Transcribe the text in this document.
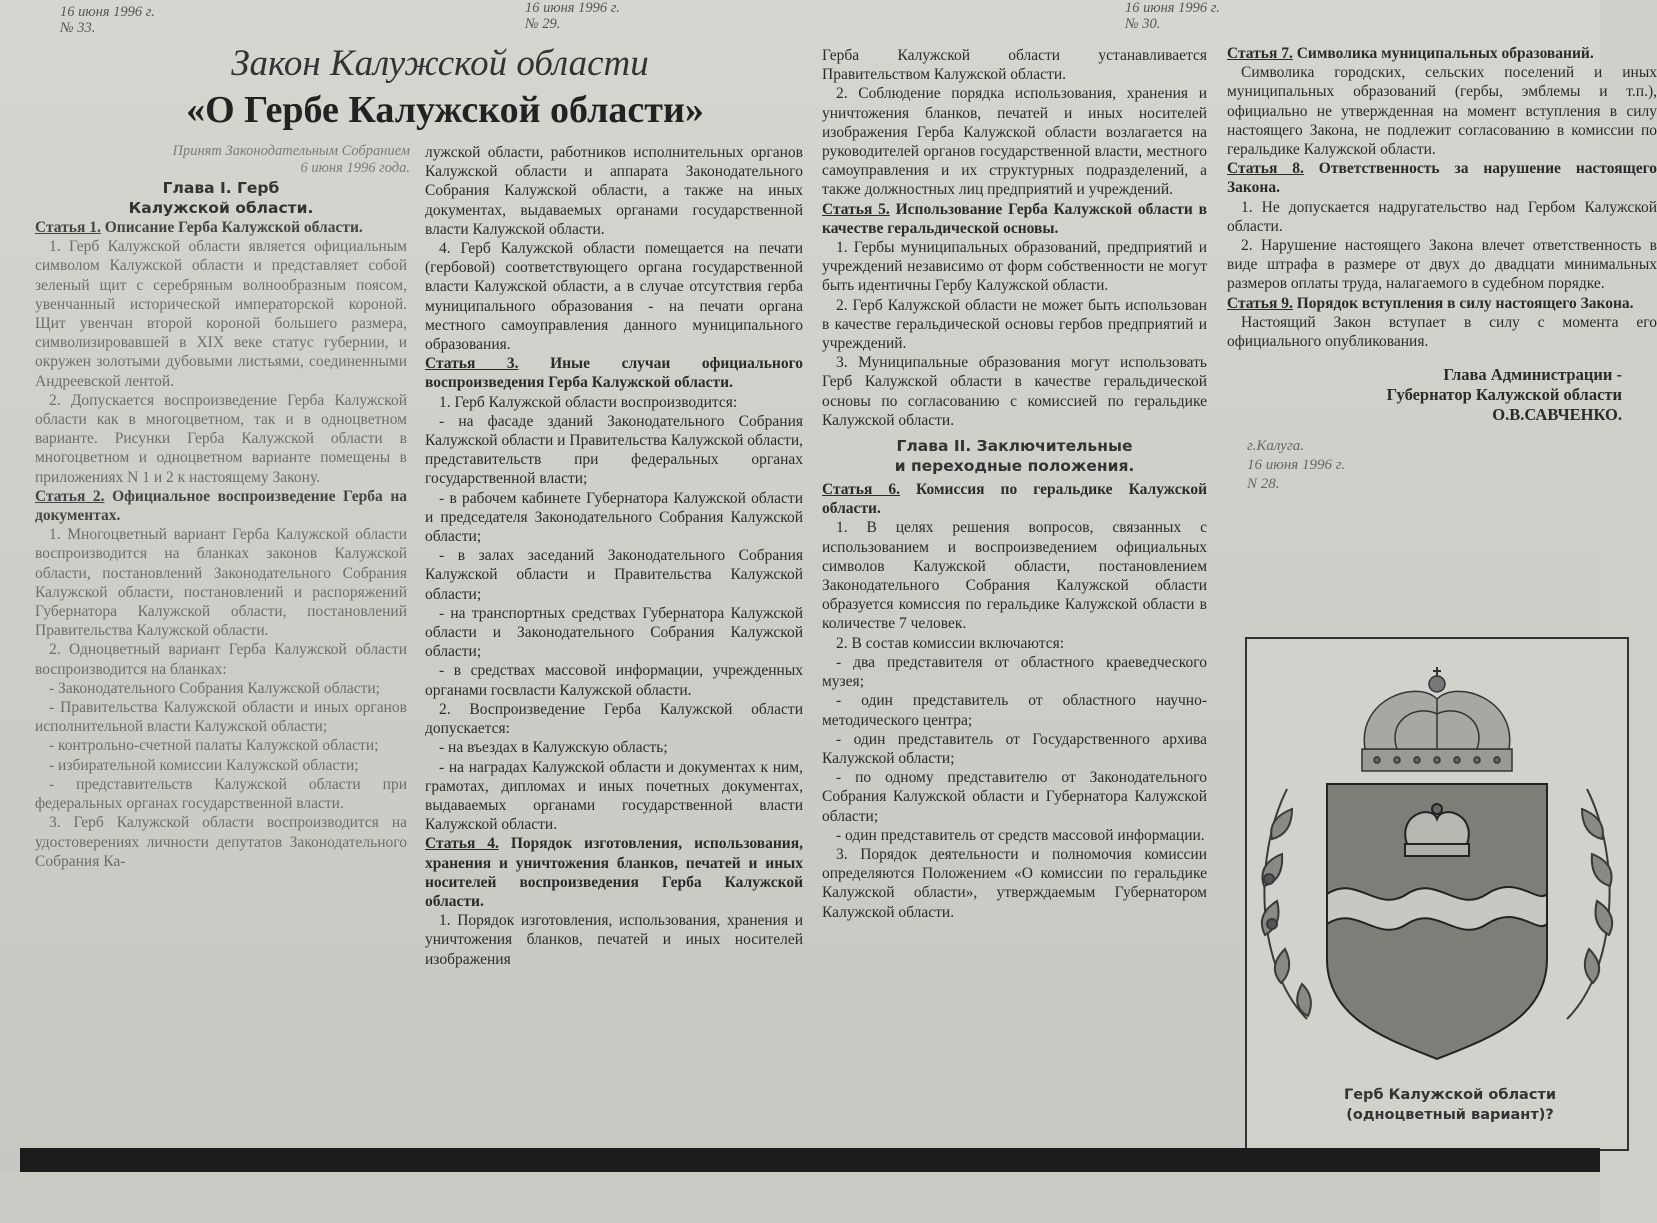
16 июня 1996 г.
№ 33.
16 июня 1996 г.
№ 29.
16 июня 1996 г.
№ 30.
Закон Калужской области
«О Гербе Калужской области»
Принят Законодательным Собранием
6 июня 1996 года.
Глава I. Герб
Калужской области.

Статья 1. Описание Герба Калужской области.

1. Герб Калужской области является официальным символом Калужской области и представляет собой зеленый щит с серебряным волнообразным поясом, увенчанный исторической императорской короной. Щит увенчан второй короной большего размера, символизировавшей в XIX веке статус губернии, и окружен золотыми дубовыми листьями, соединенными Андреевской лентой.

2. Допускается воспроизведение Герба Калужской области как в многоцветном, так и в одноцветном варианте. Рисунки Герба Калужской области в многоцветном и одноцветном варианте помещены в приложениях N 1 и 2 к настоящему Закону.

Статья 2. Официальное воспроизведение Герба на документах.

1. Многоцветный вариант Герба Калужской области воспроизводится на бланках законов Калужской области, постановлений Законодательного Собрания Калужской области, постановлений и распоряжений Губернатора Калужской области, постановлений Правительства Калужской области.

2. Одноцветный вариант Герба Калужской области воспроизводится на бланках:

- Законодательного Собрания Калужской области;

- Правительства Калужской области и иных органов исполнительной власти Калужской области;

- контрольно-счетной палаты Калужской области;

- избирательной комиссии Калужской области;

- представительств Калужской области при федеральных органах государственной власти.

3. Герб Калужской области воспроизводится на удостоверениях личности депутатов Законодательного Собрания Ка-

лужской области, работников исполнительных органов Калужской области и аппарата Законодательного Собрания Калужской области, а также на иных документах, выдаваемых органами государственной власти Калужской области.

4. Герб Калужской области помещается на печати (гербовой) соответствующего органа государственной власти Калужской области, а в случае отсутствия герба муниципального образования - на печати органа местного самоуправления данного муниципального образования.

Статья 3. Иные случаи официального воспроизведения Герба Калужской области.

1. Герб Калужской области воспроизводится:

- на фасаде зданий Законодательного Собрания Калужской области и Правительства Калужской области, представительств при федеральных органах государственной власти;

- в рабочем кабинете Губернатора Калужской области и председателя Законодательного Собрания Калужской области;

- в залах заседаний Законодательного Собрания Калужской области и Правительства Калужской области;

- на транспортных средствах Губернатора Калужской области и Законодательного Собрания Калужской области;

- в средствах массовой информации, учрежденных органами госвласти Калужской области.

2. Воспроизведение Герба Калужской области допускается:

- на въездах в Калужскую область;

- на наградах Калужской области и документах к ним, грамотах, дипломах и иных почетных документах, выдаваемых органами государственной власти Калужской области.

Статья 4. Порядок изготовления, использования, хранения и уничтожения бланков, печатей и иных носителей воспроизведения Герба Калужской области.

1. Порядок изготовления, использования, хранения и уничтожения бланков, печатей и иных носителей изображения

Герба Калужской области устанавливается Правительством Калужской области.

2. Соблюдение порядка использования, хранения и уничтожения бланков, печатей и иных носителей изображения Герба Калужской области возлагается на руководителей органов государственной власти, местного самоуправления и их структурных подразделений, а также должностных лиц предприятий и учреждений.

Статья 5. Использование Герба Калужской области в качестве геральдической основы.

1. Гербы муниципальных образований, предприятий и учреждений независимо от форм собственности не могут быть идентичны Гербу Калужской области.

2. Герб Калужской области не может быть использован в качестве геральдической основы гербов предприятий и учреждений.

3. Муниципальные образования могут использовать Герб Калужской области в качестве геральдической основы по согласованию с комиссией по геральдике Калужской области.

Глава II. Заключительные
и переходные положения.

Статья 6. Комиссия по геральдике Калужской области.

1. В целях решения вопросов, связанных с использованием и воспроизведением официальных символов Калужской области, постановлением Законодательного Собрания Калужской области образуется комиссия по геральдике Калужской области в количестве 7 человек.

2. В состав комиссии включаются:

- два представителя от областного краеведческого музея;

- один представитель от областного научно-методического центра;

- один представитель от Государственного архива Калужской области;

- по одному представителю от Законодательного Собрания Калужской области и Губернатора Калужской области;

- один представитель от средств массовой информации.

3. Порядок деятельности и полномочия комиссии определяются Положением «О комиссии по геральдике Калужской области», утверждаемым Губернатором Калужской области.

Статья 7. Символика муниципальных образований.

Символика городских, сельских поселений и иных муниципальных образований (гербы, эмблемы и т.п.), официально не утвержденная на момент вступления в силу настоящего Закона, не подлежит согласованию в комиссии по геральдике Калужской области.

Статья 8. Ответственность за нарушение настоящего Закона.

1. Не допускается надругательство над Гербом Калужской области.

2. Нарушение настоящего Закона влечет ответственность в виде штрафа в размере от двух до двадцати минимальных размеров оплаты труда, налагаемого в судебном порядке.

Статья 9. Порядок вступления в силу настоящего Закона.

Настоящий Закон вступает в силу с момента его официального опубликования.

Глава Администрации -
Губернатор Калужской области
О.В.САВЧЕНКО.
г.Калуга.
16 июня 1996 г.
N 28.
Герб Калужской области
(одноцветный вариант)?
